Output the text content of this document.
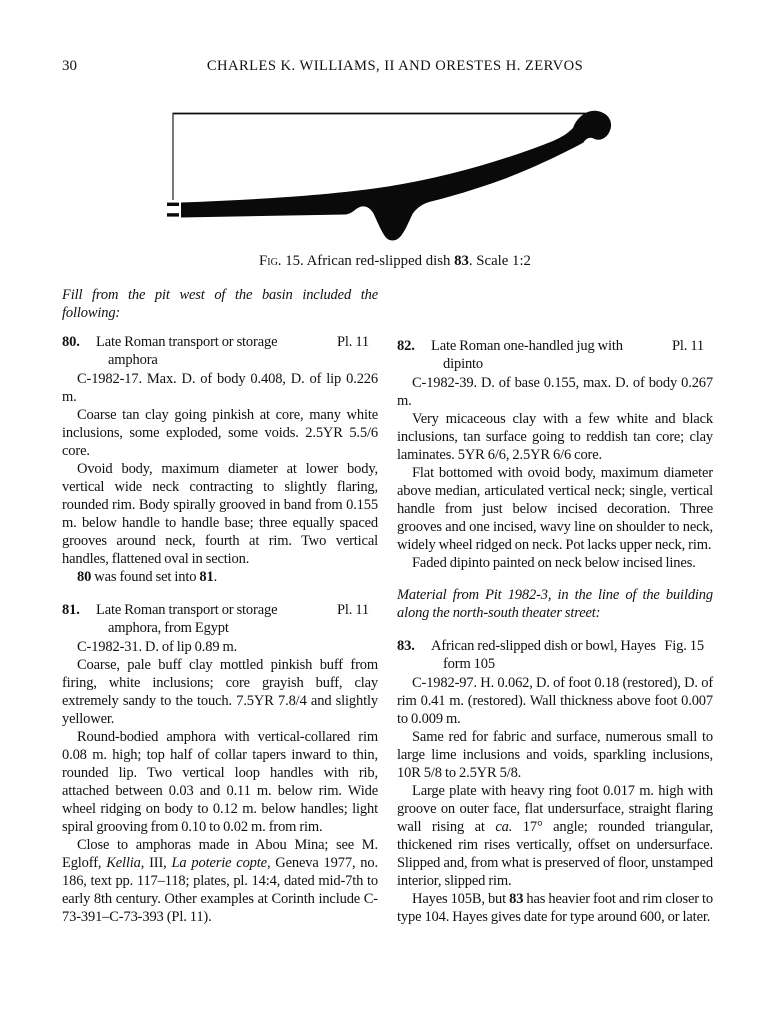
30	CHARLES K. WILLIAMS, II AND ORESTES H. ZERVOS
Fig. 15. African red-slipped dish 83. Scale 1:2

Fill from the pit west of the basin included the following:

80.	Late Roman transport or storage amphora
Pl. 11

C-1982-17. Max. D. of body 0.408, D. of lip 0.226 m.

Coarse tan clay going pinkish at core, many white inclusions, some exploded, some voids. 2.5YR 5.5/6 core.

Ovoid body, maximum diameter at lower body, vertical wide neck contracting to slightly flaring, rounded rim. Body spirally grooved in band from 0.155 m. below handle to handle base; three equally spaced grooves around neck, fourth at rim. Two vertical handles, flattened oval in section.

80 was found set into 81.

81.	Late Roman transport or storage amphora, from Egypt
Pl. 11

C-1982-31. D. of lip 0.89 m.

Coarse, pale buff clay mottled pinkish buff from firing, white inclusions; core grayish buff, clay extremely sandy to the touch. 7.5YR 7.8/4 and slightly yellower.

Round-bodied amphora with vertical-collared rim 0.08 m. high; top half of collar tapers inward to thin, rounded lip. Two vertical loop handles with rib, attached between 0.03 and 0.11 m. below rim. Wide wheel ridging on body to 0.12 m. below handles; light spiral grooving from 0.10 to 0.02 m. from rim.

Close to amphoras made in Abou Mina; see M. Egloff, Kellia, III, La poterie copte, Geneva 1977, no. 186, text pp. 117–118; plates, pl. 14:4, dated mid-7th to early 8th century. Other examples at Corinth include C-73-391–C-73-393 (Pl. 11).

82.	Late Roman one-handled jug with dipinto
Pl. 11

C-1982-39. D. of base 0.155, max. D. of body 0.267 m.

Very micaceous clay with a few white and black inclusions, tan surface going to reddish tan core; clay laminates. 5YR 6/6, 2.5YR 6/6 core.

Flat bottomed with ovoid body, maximum diameter above median, articulated vertical neck; single, vertical handle from just below incised decoration. Three grooves and one incised, wavy line on shoulder to neck, widely wheel ridged on neck. Pot lacks upper neck, rim.

Faded dipinto painted on neck below incised lines.

Material from Pit 1982-3, in the line of the building along the north-south theater street:

83.	African red-slipped dish or bowl, Hayes form 105
Fig. 15

C-1982-97. H. 0.062, D. of foot 0.18 (restored), D. of rim 0.41 m. (restored). Wall thickness above foot 0.007 to 0.009 m.

Same red for fabric and surface, numerous small to large lime inclusions and voids, sparkling inclusions, 10R 5/8 to 2.5YR 5/8.

Large plate with heavy ring foot 0.017 m. high with groove on outer face, flat undersurface, straight flaring wall rising at ca. 17° angle; rounded triangular, thickened rim rises vertically, offset on undersurface. Slipped and, from what is preserved of floor, unstamped interior, slipped rim.

Hayes 105B, but 83 has heavier foot and rim closer to type 104. Hayes gives date for type around 600, or later.
